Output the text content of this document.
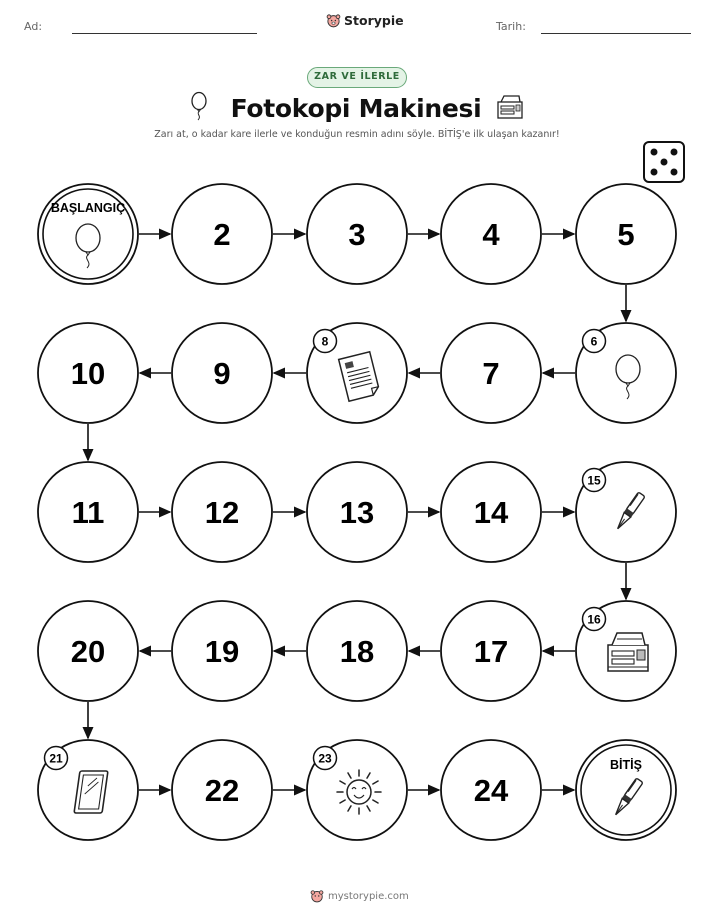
Ad:	Storypie	Tarih:
ZAR VE İLERLE
Fotokopi Makinesi
Zarı at, o kadar kare ilerle ve konduğun resmin adını söyle. BİTİŞ'e ilk ulaşan kazanır!
BAŞLANGIÇ
2	3	4	5
6
7
8
9
10
11	12	13	14
15
16
17
18
19
20
21
22
23
24
BİTİŞ
mystorypie.com
